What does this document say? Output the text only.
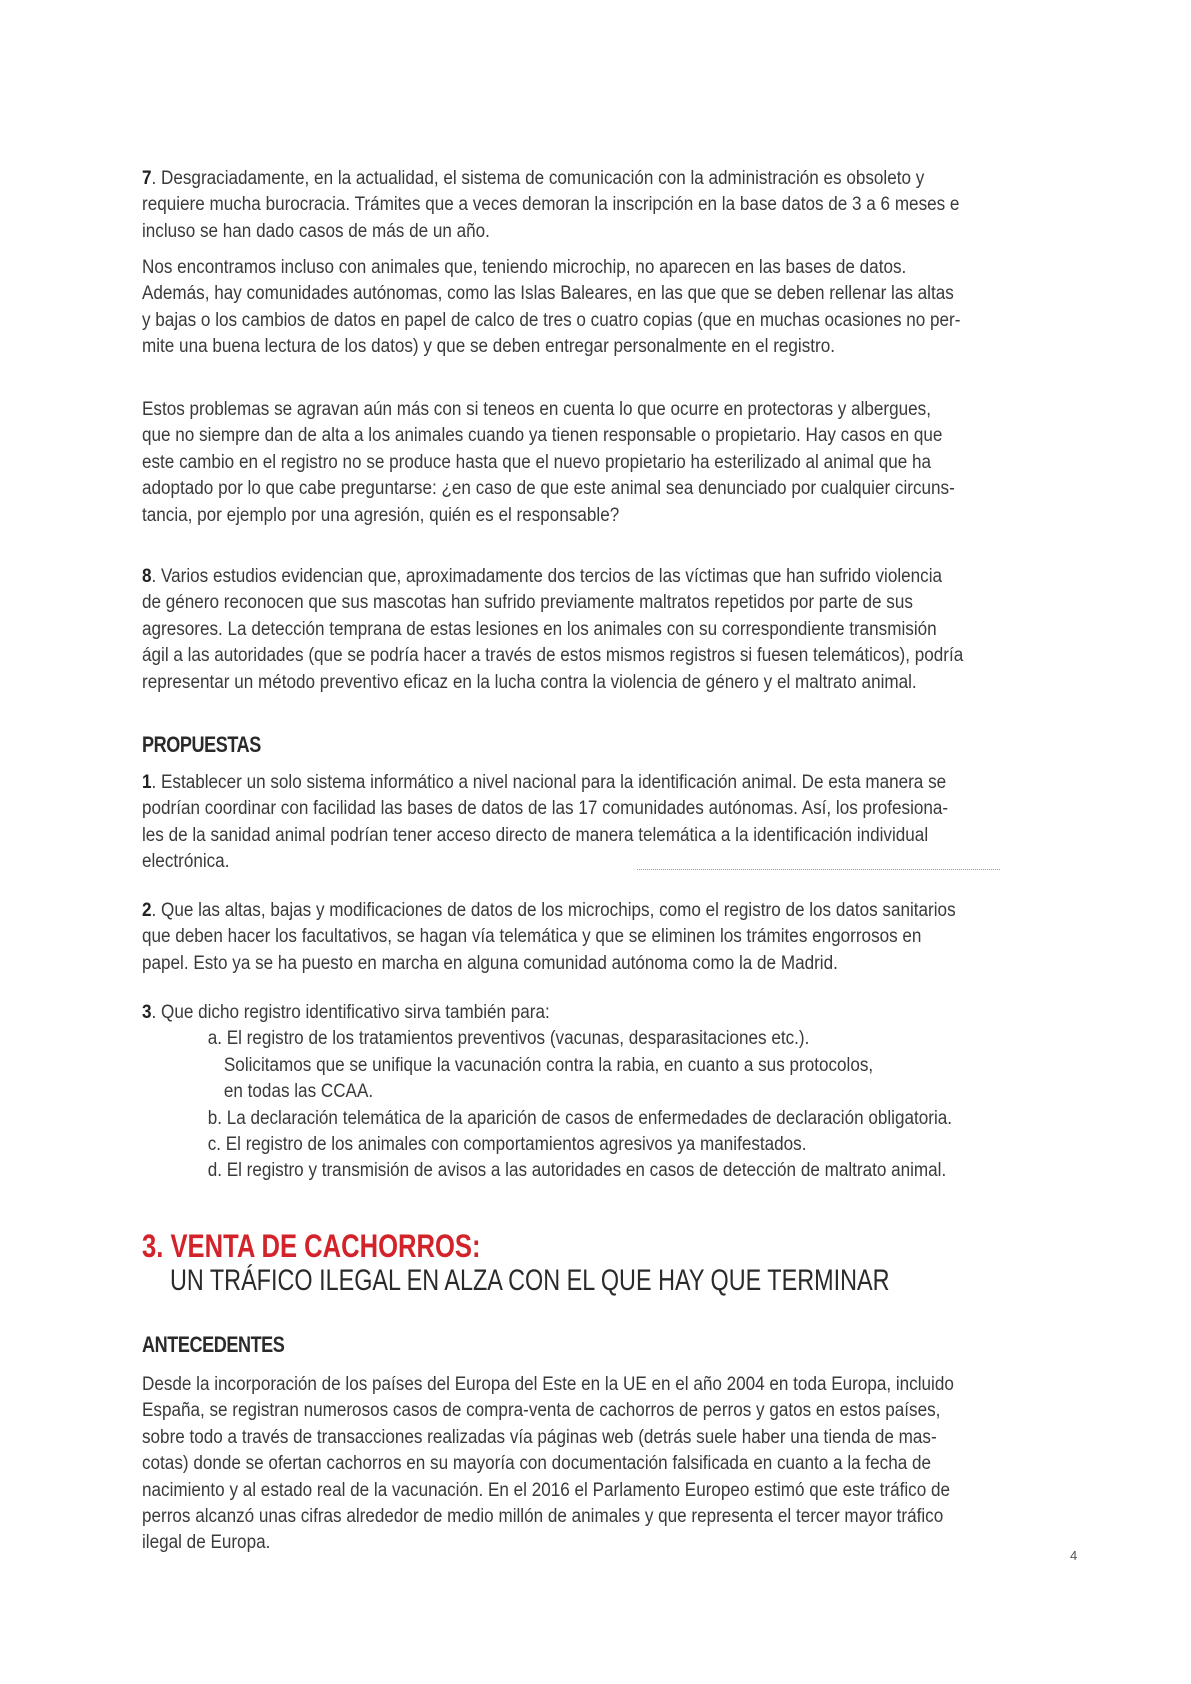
7. Desgraciadamente, en la actualidad, el sistema de comunicación con la administración es obsoleto y
requiere mucha burocracia. Trámites que a veces demoran la inscripción en la base datos de 3 a 6 meses e
incluso se han dado casos de más de un año.
Nos encontramos incluso con animales que, teniendo microchip, no aparecen en las bases de datos.
Además, hay comunidades autónomas, como las Islas Baleares, en las que que se deben rellenar las altas
y bajas o los cambios de datos en papel de calco de tres o cuatro copias (que en muchas ocasiones no per-
mite una buena lectura de los datos) y que se deben entregar personalmente en el registro.
Estos problemas se agravan aún más con si teneos en cuenta lo que ocurre en protectoras y albergues,
que no siempre dan de alta a los animales cuando ya tienen responsable o propietario. Hay casos en que
este cambio en el registro no se produce hasta que el nuevo propietario ha esterilizado al animal que ha
adoptado por lo que cabe preguntarse: ¿en caso de que este animal sea denunciado por cualquier circuns-
tancia, por ejemplo por una agresión, quién es el responsable?
8. Varios estudios evidencian que, aproximadamente dos tercios de las víctimas que han sufrido violencia
de género reconocen que sus mascotas han sufrido previamente maltratos repetidos por parte de sus
agresores. La detección temprana de estas lesiones en los animales con su correspondiente transmisión
ágil a las autoridades (que se podría hacer a través de estos mismos registros si fuesen telemáticos), podría
representar un método preventivo eficaz en la lucha contra la violencia de género y el maltrato animal.
PROPUESTAS
1. Establecer un solo sistema informático a nivel nacional para la identificación animal. De esta manera se
podrían coordinar con facilidad las bases de datos de las 17 comunidades autónomas. Así, los profesiona-
les de la sanidad animal podrían tener acceso directo de manera telemática a la identificación individual
electrónica.
2. Que las altas, bajas y modificaciones de datos de los microchips, como el registro de los datos sanitarios
que deben hacer los facultativos, se hagan vía telemática y que se eliminen los trámites engorrosos en
papel. Esto ya se ha puesto en marcha en alguna comunidad autónoma como la de Madrid.
3. Que dicho registro identificativo sirva también para:
a. El registro de los tratamientos preventivos (vacunas, desparasitaciones etc.).
Solicitamos que se unifique la vacunación contra la rabia, en cuanto a sus protocolos,
en todas las CCAA.
b. La declaración telemática de la aparición de casos de enfermedades de declaración obligatoria.
c. El registro de los animales con comportamientos agresivos ya manifestados.
d. El registro y transmisión de avisos a las autoridades en casos de detección de maltrato animal.
3. VENTA DE CACHORROS:
UN TRÁFICO ILEGAL EN ALZA CON EL QUE HAY QUE TERMINAR
ANTECEDENTES
Desde la incorporación de los países del Europa del Este en la UE en el año 2004 en toda Europa, incluido
España, se registran numerosos casos de compra-venta de cachorros de perros y gatos en estos países,
sobre todo a través de transacciones realizadas vía páginas web (detrás suele haber una tienda de mas-
cotas) donde se ofertan cachorros en su mayoría con documentación falsificada en cuanto a la fecha de
nacimiento y al estado real de la vacunación. En el 2016 el Parlamento Europeo estimó que este tráfico de
perros alcanzó unas cifras alrededor de medio millón de animales y que representa el tercer mayor tráfico
ilegal de Europa.
4
